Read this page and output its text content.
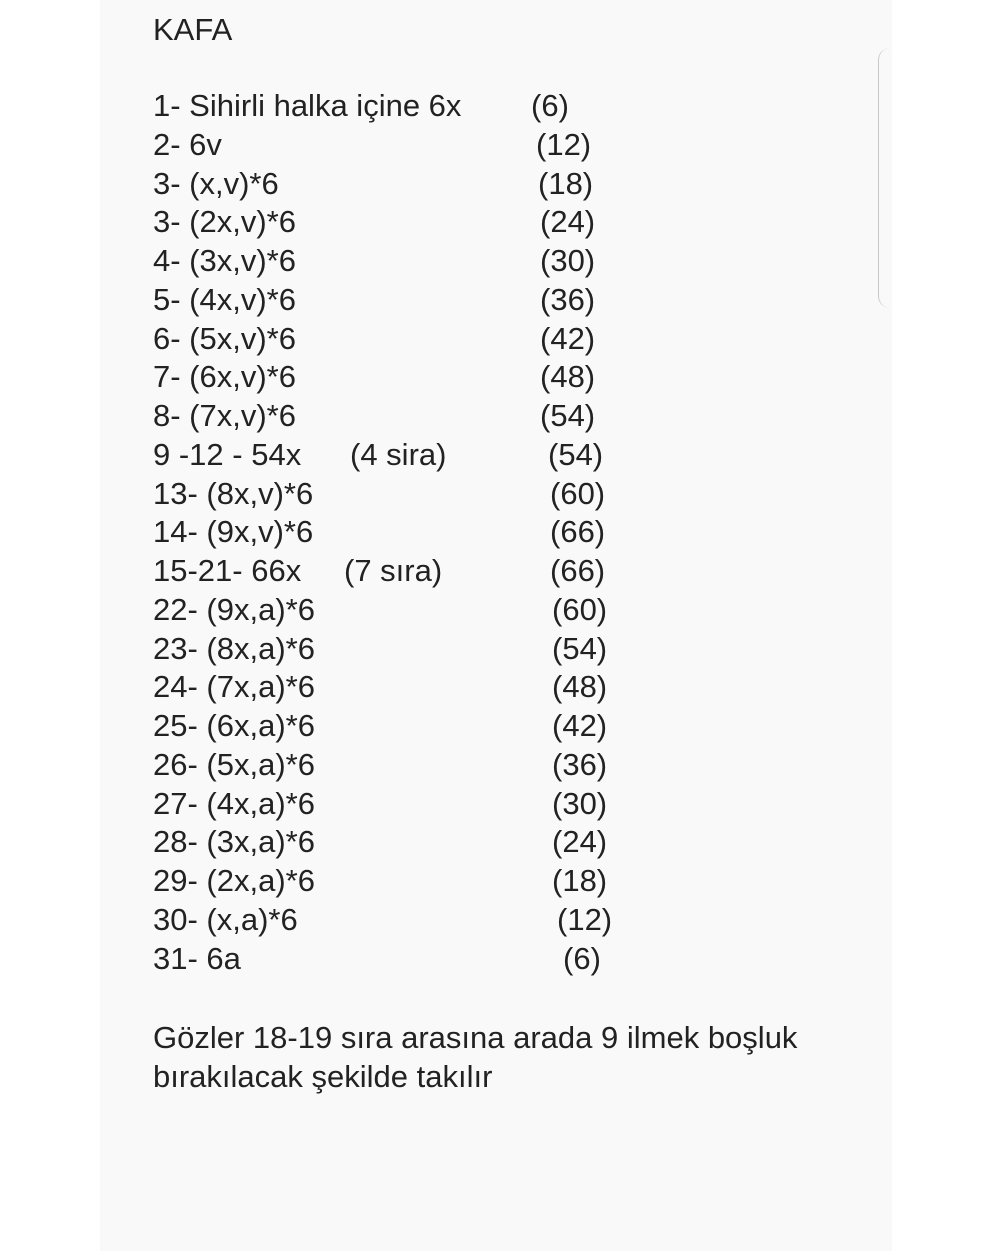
KAFA
1- Sihirli halka içine 6x (6)
2- 6v	(12)
3- (x,v)*6	(18)
3- (2x,v)*6	(24)
4- (3x,v)*6	(30)
5- (4x,v)*6	(36)
6- (5x,v)*6	(42)
7- (6x,v)*6	(48)
8- (7x,v)*6	(54)
9 -12 - 54x (4 sira)	(54)
13- (8x,v)*6	(60)
14- (9x,v)*6	(66)
15-21- 66x (7 sıra)	(66)
22- (9x,a)*6	(60)
23- (8x,a)*6	(54)
24- (7x,a)*6	(48)
25- (6x,a)*6	(42)
26- (5x,a)*6	(36)
27- (4x,a)*6	(30)
28- (3x,a)*6	(24)
29- (2x,a)*6	(18)
30- (x,a)*6	(12)
31- 6a	(6)
Gözler 18-19 sıra arasına arada 9 ilmek boşluk bırakılacak şekilde takılır
